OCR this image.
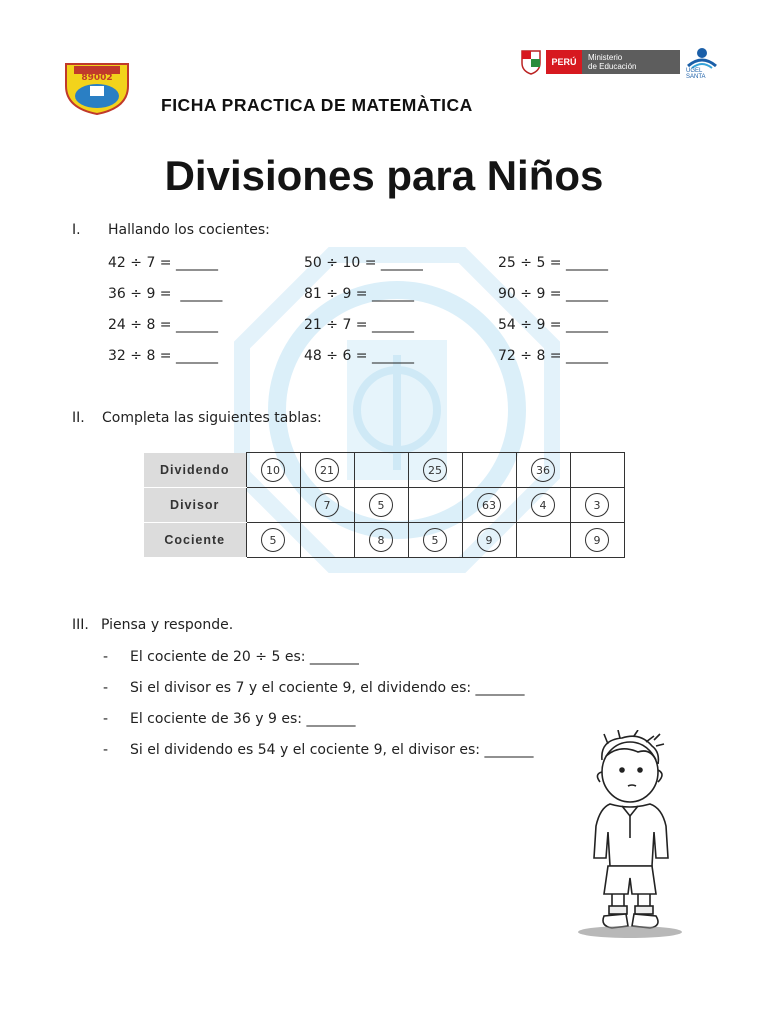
89002
PERÚ	Ministerio
de Educación	UGEL SANTA
FICHA PRACTICA DE MATEMÀTICA
Divisiones para Niños
I. Hallando los cocientes:
42 ÷ 7 = ______	50 ÷ 10 = ______	25 ÷ 5 = ______
36 ÷ 9 =  ______	81 ÷ 9 = ______	90 ÷ 9 = ______
24 ÷ 8 = ______	21 ÷ 7 = ______	54 ÷ 9 = ______
32 ÷ 8 = ______	48 ÷ 6 = ______	72 ÷ 8 = ______
II. Completa las siguientes tablas:
Dividendo	10	21		25		36	
Divisor		7	5		63	4	3
Cociente	5		8	5	9		9
III. Piensa y responde.
- El cociente de 20 ÷ 5 es: _______
- Si el divisor es 7 y el cociente 9, el dividendo es: _______
- El cociente de 36 y 9 es: _______
- Si el dividendo es 54 y el cociente 9, el divisor es: _______
